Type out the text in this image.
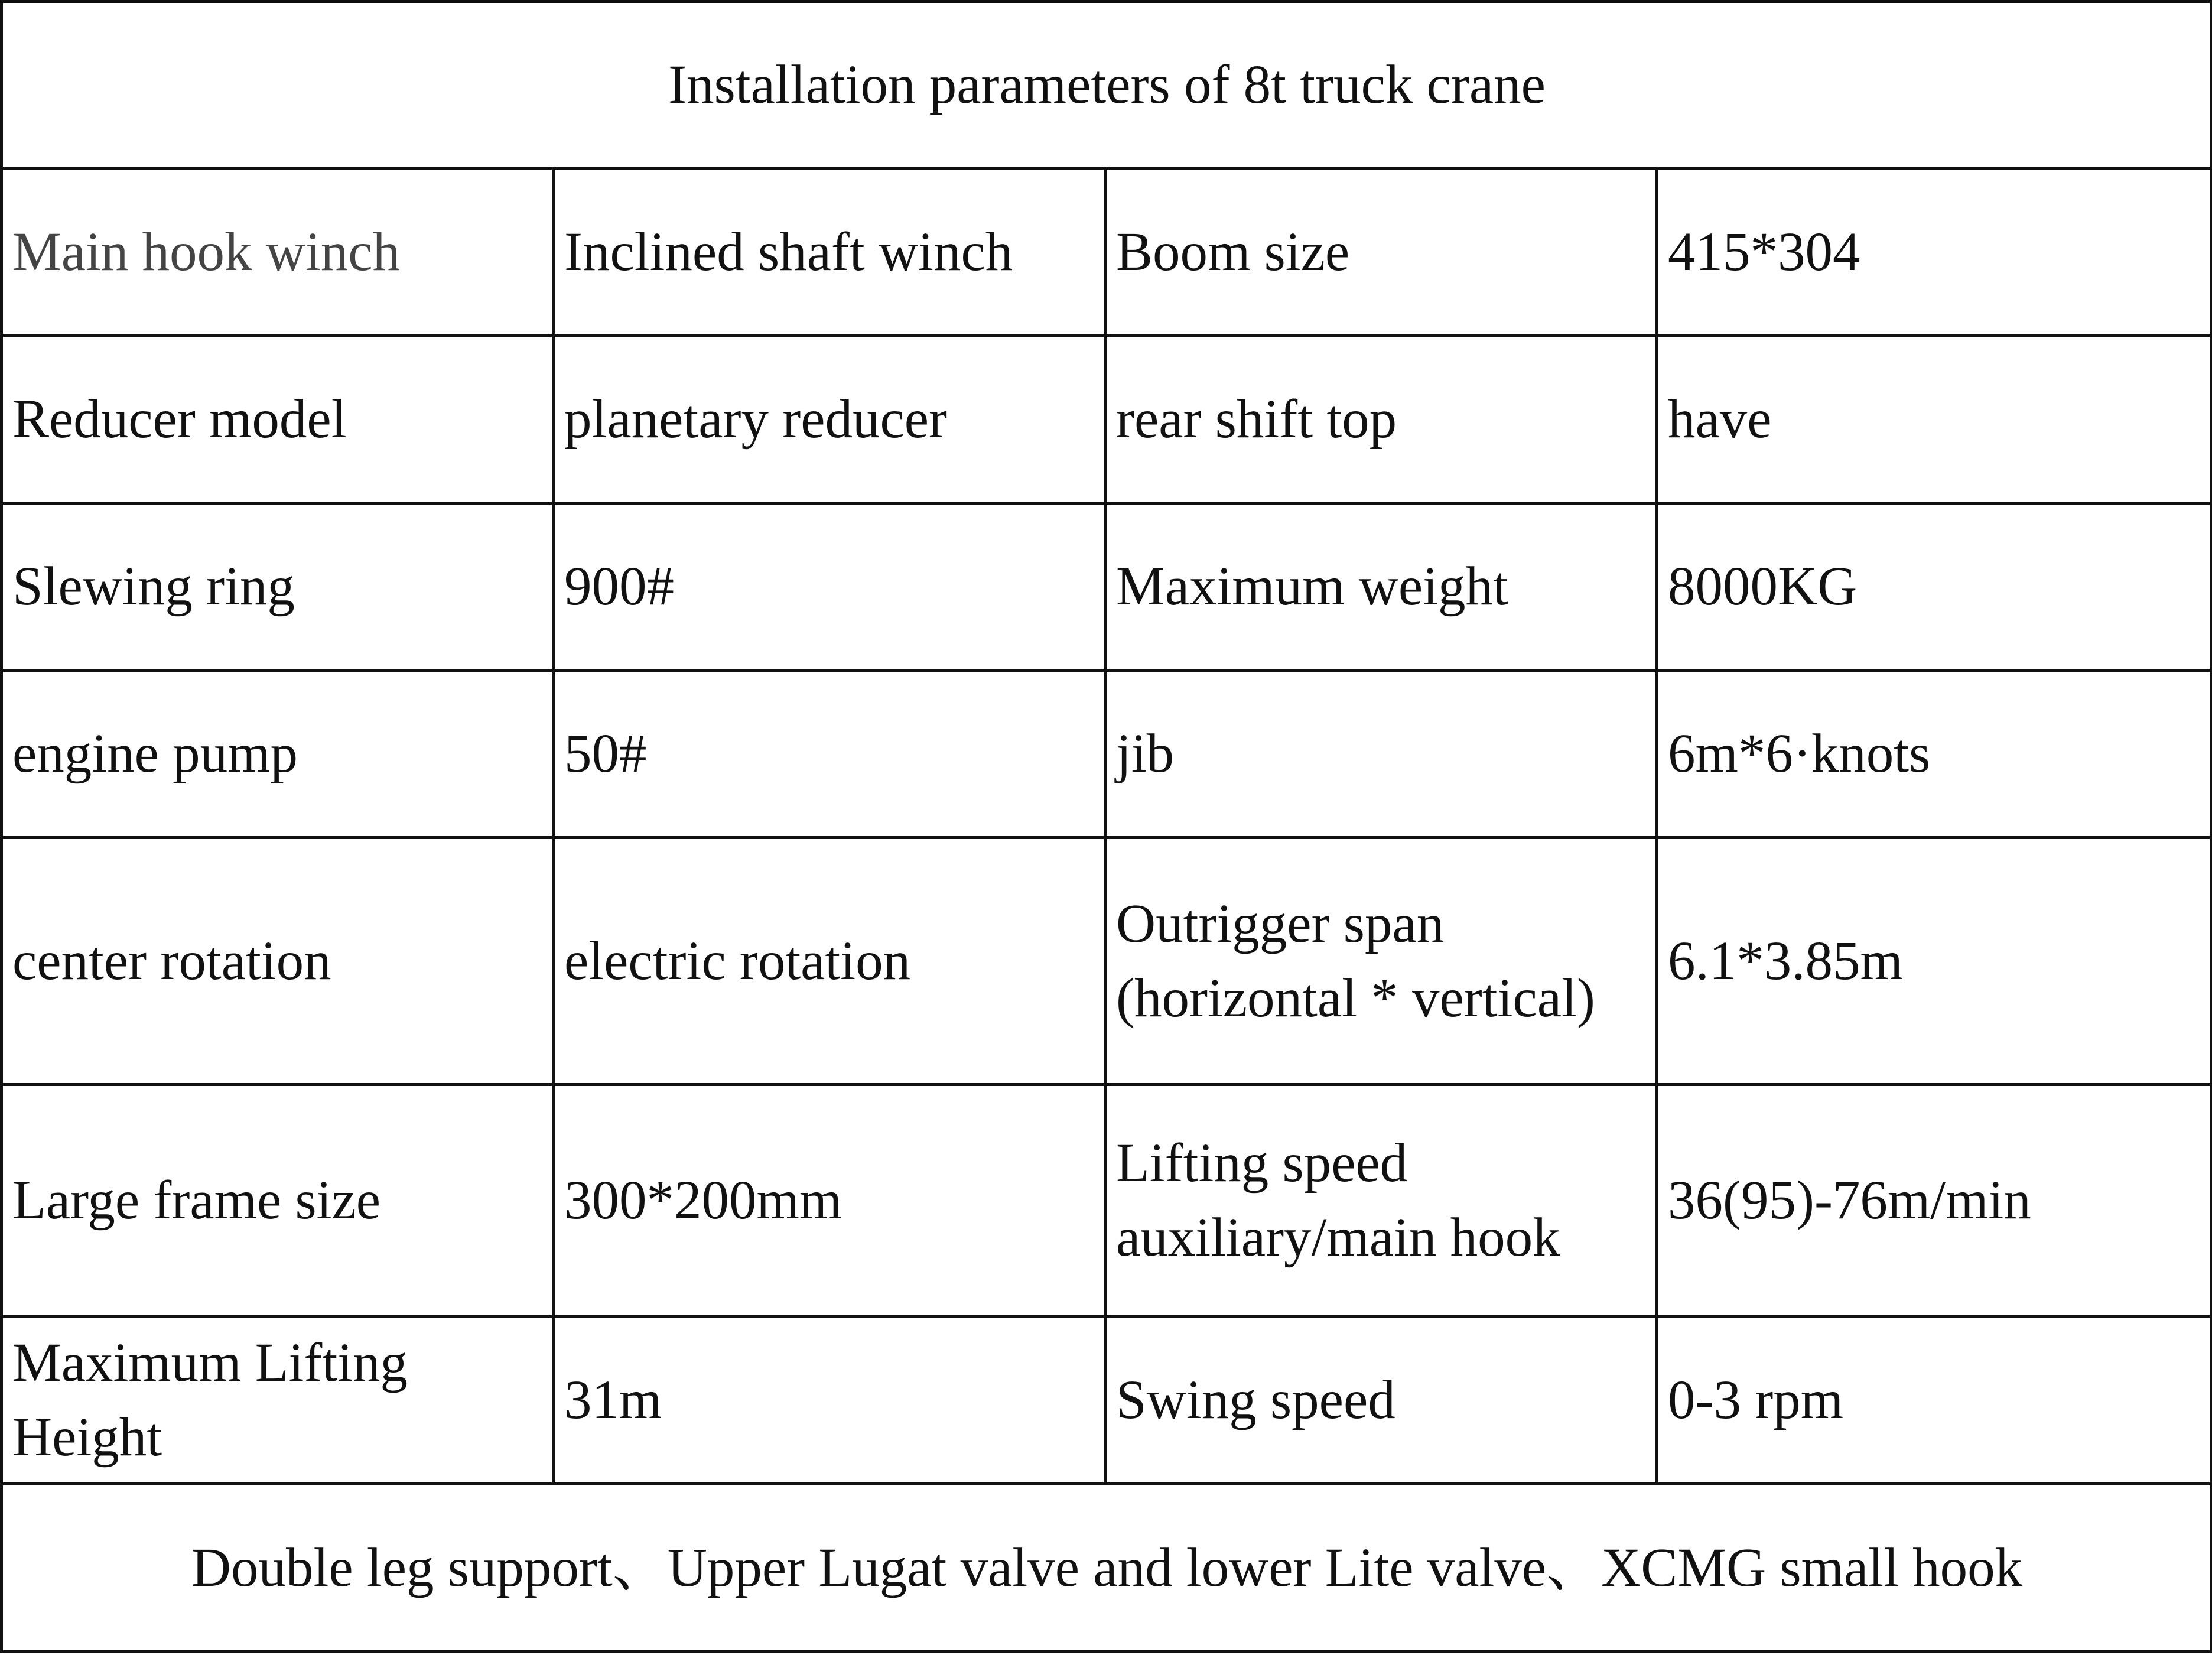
Installation parameters of 8t truck crane			
Main hook winch	Inclined shaft winch	Boom size	415*304
Reducer model	planetary reducer	rear shift top	have
Slewing ring	900#	Maximum weight	8000KG
engine pump	50#	jib	6m*6·knots
center rotation	electric rotation	Outrigger span (horizontal * vertical)	6.1*3.85m
Large frame size	300*200mm	Lifting speed auxiliary/main hook	36(95)-76m/min
Maximum Lifting Height	31m	Swing speed	0-3 rpm
Double leg support、Upper Lugat valve and lower Lite valve、XCMG small hook			
